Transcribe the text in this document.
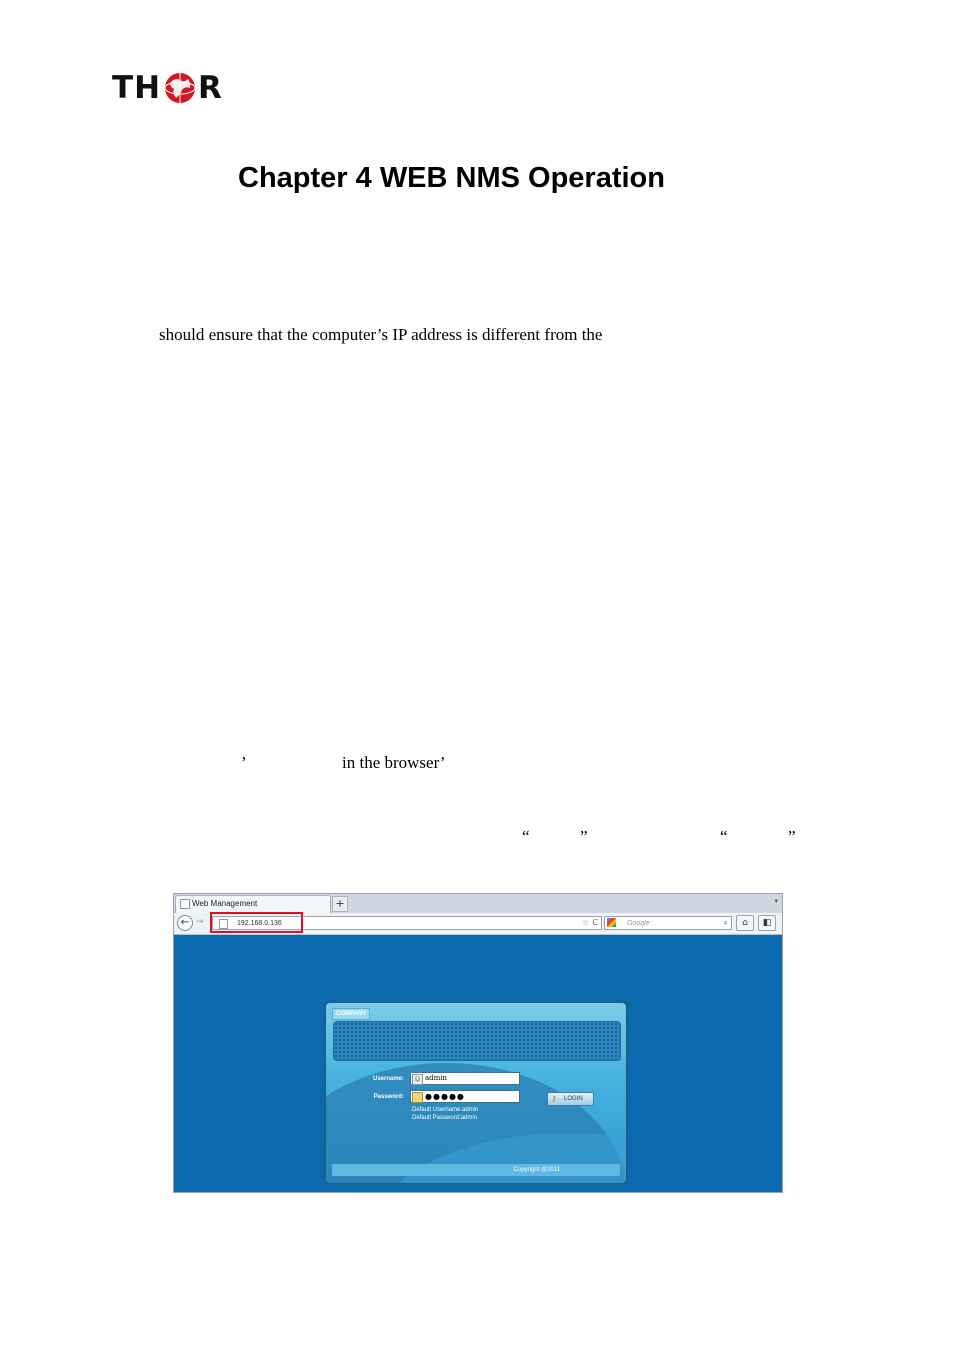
TH R
Chapter 4 WEB NMS Operation
should ensure that the computer’s IP address is different from the
’	in the browser’
“	”	“	”
Web Management	+	▾
← →	192.168.0.136	☆ C	Google	⌕	⌂	◧
COMPANY
Username:	☺ admin
Password:	●●●●●	⚷ LOGIN
Default Username:admin
Default Password:admin
Copyright @2011
